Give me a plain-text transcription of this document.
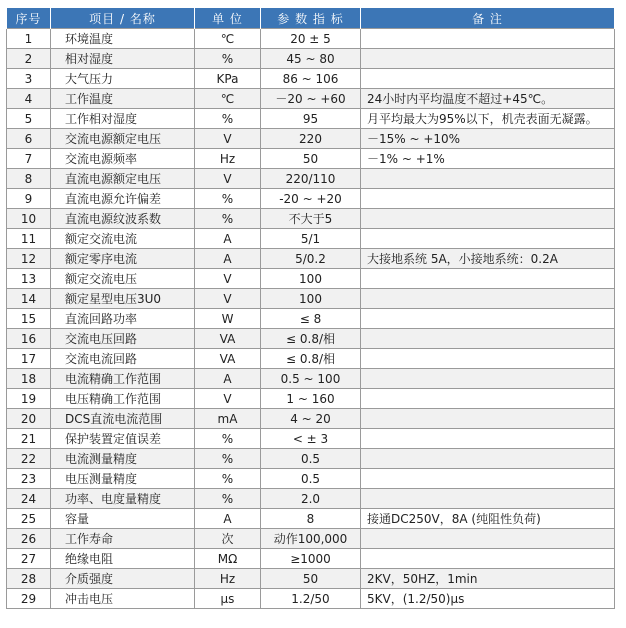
序号	项目 / 名称	单 位	参 数 指 标	备 注
1	环境温度	℃	20 ± 5	
2	相对湿度	%	45 ~ 80	
3	大气压力	KPa	86 ~ 106	
4	工作温度	℃	－20 ~ +60	24小时内平均温度不超过+45℃。
5	工作相对湿度	%	95	月平均最大为95%以下，机壳表面无凝露。
6	交流电源额定电压	V	220	－15% ~ +10%
7	交流电源频率	Hz	50	－1% ~ +1%
8	直流电源额定电压	V	220/110	
9	直流电源允许偏差	%	-20 ~ +20	
10	直流电源纹波系数	%	不大于5	
11	额定交流电流	A	5/1	
12	额定零序电流	A	5/0.2	大接地系统 5A，小接地系统：0.2A
13	额定交流电压	V	100	
14	额定星型电压3U0	V	100	
15	直流回路功率	W	≤ 8	
16	交流电压回路	VA	≤ 0.8/相	
17	交流电流回路	VA	≤ 0.8/相	
18	电流精确工作范围	A	0.5 ~ 100	
19	电压精确工作范围	V	1 ~ 160	
20	DCS直流电流范围	mA	4 ~ 20	
21	保护装置定值误差	%	< ± 3	
22	电流测量精度	%	0.5	
23	电压测量精度	%	0.5	
24	功率、电度量精度	%	2.0	
25	容量	A	8	接通DC250V，8A (纯阻性负荷)
26	工作寿命	次	动作100,000	
27	绝缘电阻	MΩ	≥1000	
28	介质强度	Hz	50	2KV，50HZ，1min
29	冲击电压	μs	1.2/50	5KV，(1.2/50)μs
